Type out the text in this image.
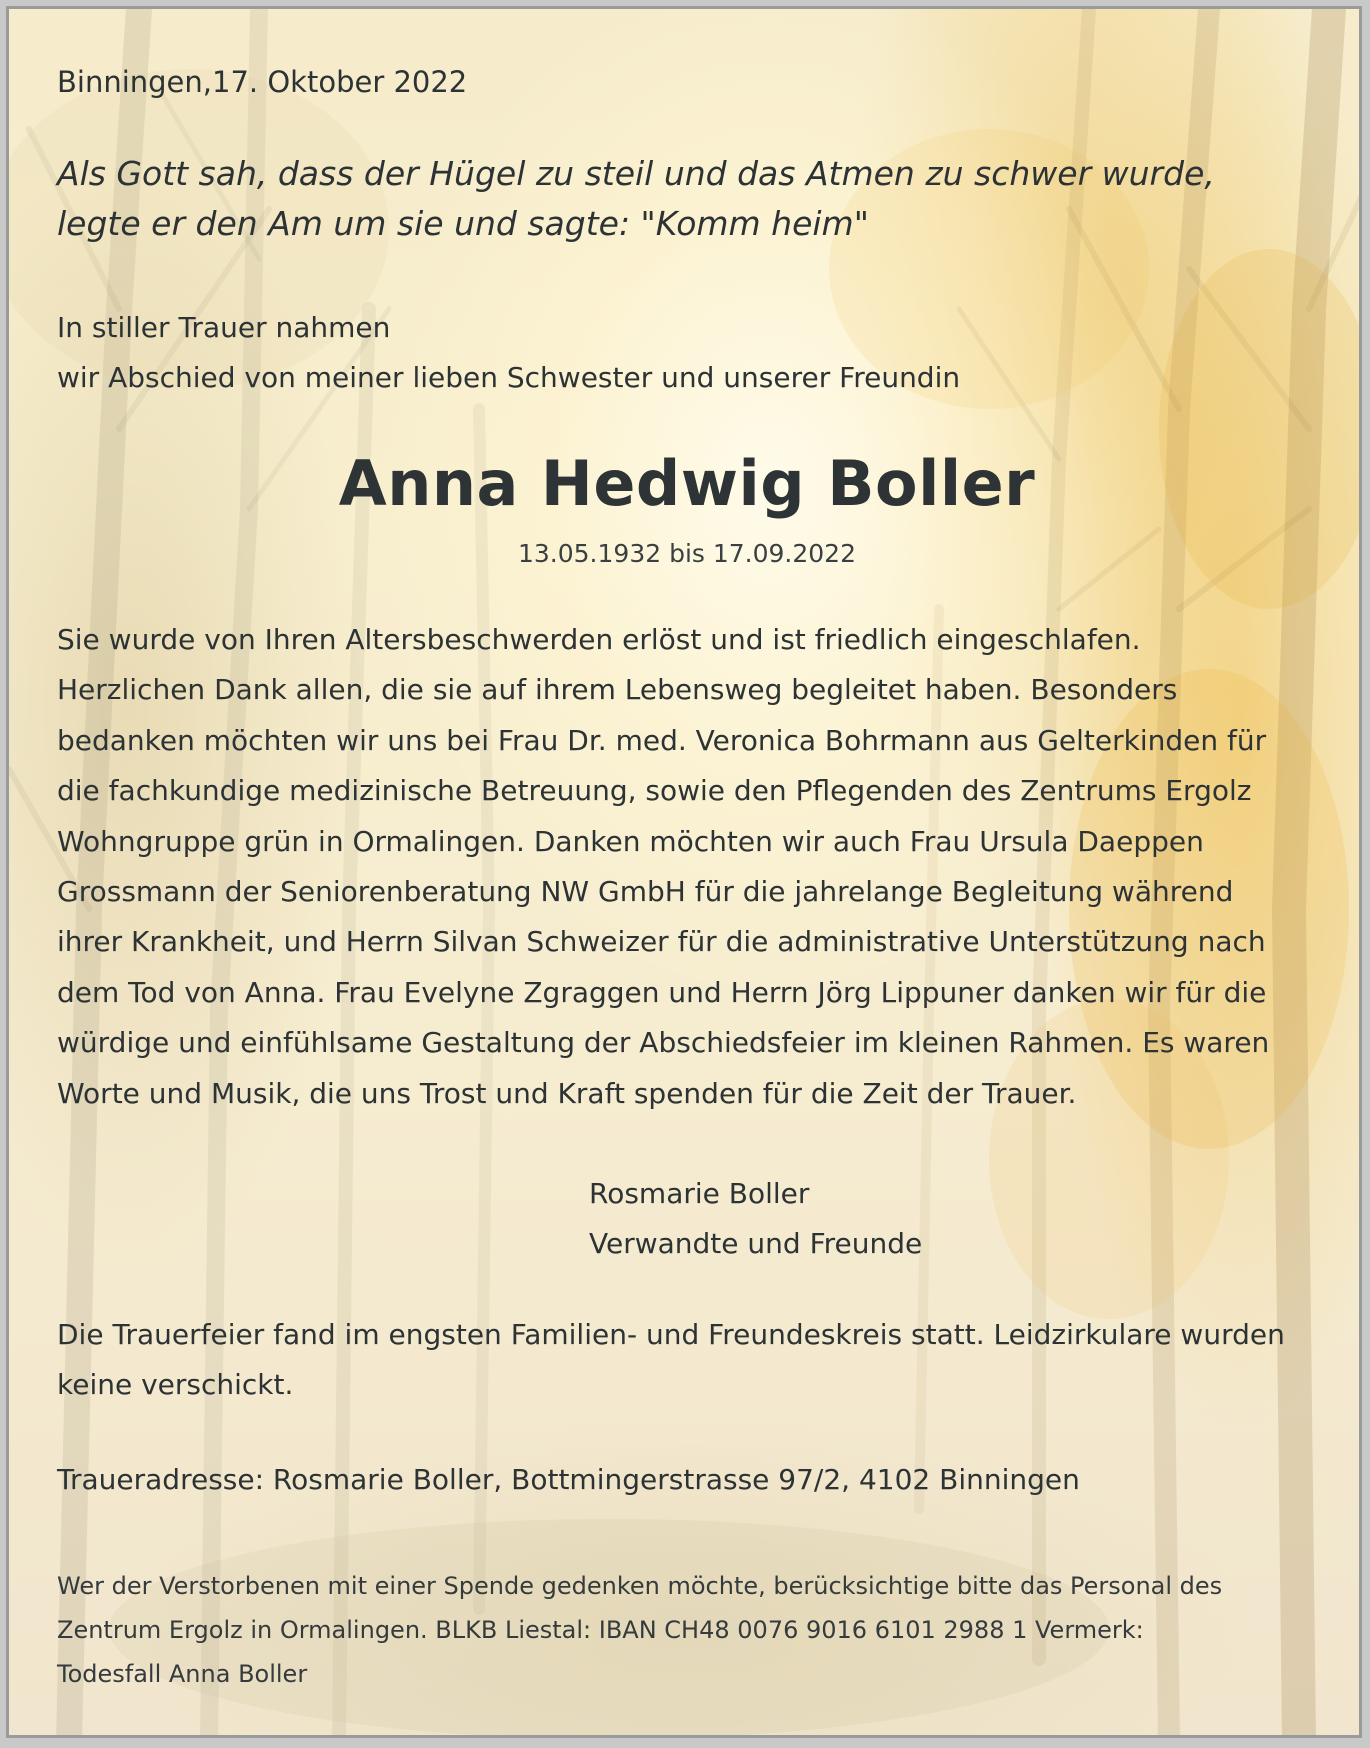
Binningen,17. Oktober 2022
Als Gott sah, dass der Hügel zu steil und das Atmen zu schwer wurde,
legte er den Am um sie und sagte: "Komm heim"
In stiller Trauer nahmen
wir Abschied von meiner lieben Schwester und unserer Freundin
Anna Hedwig Boller
13.05.1932 bis 17.09.2022
Sie wurde von Ihren Altersbeschwerden erlöst und ist friedlich eingeschlafen.
Herzlichen Dank allen, die sie auf ihrem Lebensweg begleitet haben. Besonders
bedanken möchten wir uns bei Frau Dr. med. Veronica Bohrmann aus Gelterkinden für
die fachkundige medizinische Betreuung, sowie den Pflegenden des Zentrums Ergolz
Wohngruppe grün in Ormalingen. Danken möchten wir auch Frau Ursula Daeppen
Grossmann der Seniorenberatung NW GmbH für die jahrelange Begleitung während
ihrer Krankheit, und Herrn Silvan Schweizer für die administrative Unterstützung nach
dem Tod von Anna. Frau Evelyne Zgraggen und Herrn Jörg Lippuner danken wir für die
würdige und einfühlsame Gestaltung der Abschiedsfeier im kleinen Rahmen. Es waren
Worte und Musik, die uns Trost und Kraft spenden für die Zeit der Trauer.
Rosmarie Boller
Verwandte und Freunde
Die Trauerfeier fand im engsten Familien- und Freundeskreis statt. Leidzirkulare wurden
keine verschickt.
Traueradresse: Rosmarie Boller, Bottmingerstrasse 97/2, 4102 Binningen
Wer der Verstorbenen mit einer Spende gedenken möchte, berücksichtige bitte das Personal des
Zentrum Ergolz in Ormalingen. BLKB Liestal: IBAN CH48 0076 9016 6101 2988 1 Vermerk:
Todesfall Anna Boller
